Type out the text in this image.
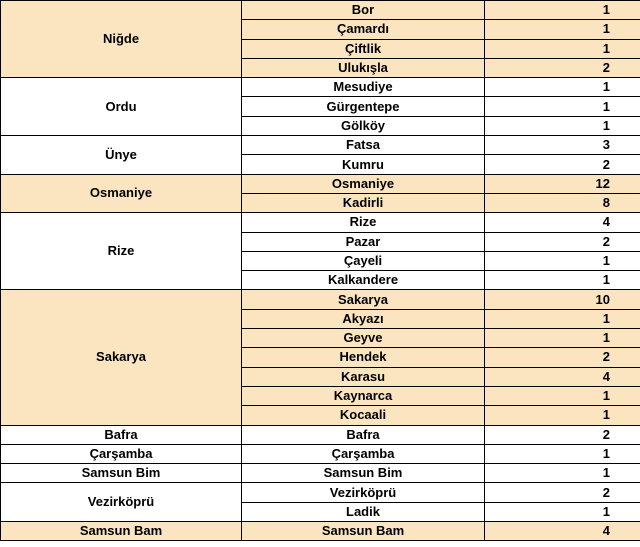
Niğde	Bor	1
	Çamardı	1
	Çiftlik	1
	Ulukışla	2
Ordu	Mesudiye	1
	Gürgentepe	1
	Gölköy	1
Ünye	Fatsa	3
	Kumru	2
Osmaniye	Osmaniye	12
	Kadirli	8
Rize	Rize	4
	Pazar	2
	Çayeli	1
	Kalkandere	1
Sakarya	Sakarya	10
	Akyazı	1
	Geyve	1
	Hendek	2
	Karasu	4
	Kaynarca	1
	Kocaali	1
Bafra	Bafra	2
Çarşamba	Çarşamba	1
Samsun Bim	Samsun Bim	1
Vezirköprü	Vezirköprü	2
	Ladik	1
Samsun Bam	Samsun Bam	4
